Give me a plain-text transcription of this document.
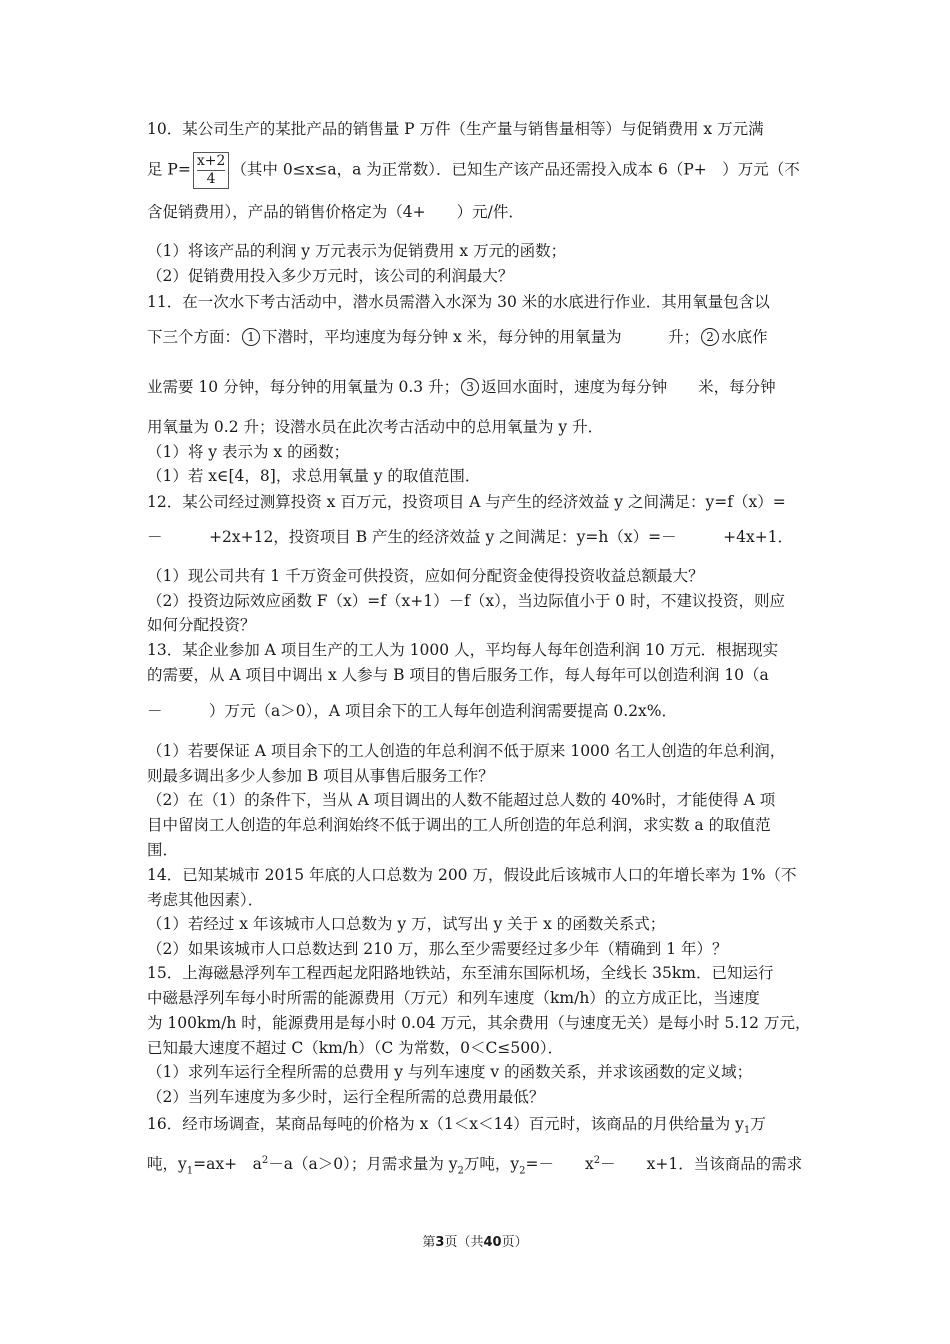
10．某公司生产的某批产品的销售量 P 万件（生产量与销售量相等）与促销费用 x 万元满
足 $P= \frac{x+2}{4}$ （其中 0≤x≤a，a 为正常数）．已知生产该产品还需投入成本 6（P+　）万元（不
含促销费用），产品的销售价格定为（4+　　）元/件．
（1）将该产品的利润 y 万元表示为促销费用 x 万元的函数；
（2）促销费用投入多少万元时，该公司的利润最大？
11．在一次水下考古活动中，潜水员需潜入水深为 30 米的水底进行作业．其用氧量包含以
下三个方面： 1 下潜时，平均速度为每分钟 x 米，每分钟的用氧量为　　　升； 2 水底作
业需要 10 分钟，每分钟的用氧量为 0.3 升； 3 返回水面时，速度为每分钟　　米，每分钟
用氧量为 0.2 升；设潜水员在此次考古活动中的总用氧量为 y 升．
（1）将 y 表示为 x 的函数；
（1）若 x∈[4，8]，求总用氧量 y 的取值范围．
12．某公司经过测算投资 x 百万元，投资项目 A 与产生的经济效益 y 之间满足：y=f（x）=
－　　　+2x+12，投资项目 B 产生的经济效益 y 之间满足：y=h（x）=－　　　+4x+1．
（1）现公司共有 1 千万资金可供投资，应如何分配资金使得投资收益总额最大？
（2）投资边际效应函数 F（x）=f（x+1）－f（x），当边际值小于 0 时，不建议投资，则应
如何分配投资？
13．某企业参加 A 项目生产的工人为 1000 人，平均每人每年创造利润 10 万元．根据现实
的需要，从 A 项目中调出 x 人参与 B 项目的售后服务工作，每人每年可以创造利润 10（a
－　　　）万元（a＞0），A 项目余下的工人每年创造利润需要提高 0.2x%．
（1）若要保证 A 项目余下的工人创造的年总利润不低于原来 1000 名工人创造的年总利润，
则最多调出多少人参加 B 项目从事售后服务工作？
（2）在（1）的条件下，当从 A 项目调出的人数不能超过总人数的 40%时，才能使得 A 项
目中留岗工人创造的年总利润始终不低于调出的工人所创造的年总利润，求实数 a 的取值范
围．
14．已知某城市 2015 年底的人口总数为 200 万，假设此后该城市人口的年增长率为 1%（不
考虑其他因素）．
（1）若经过 x 年该城市人口总数为 y 万，试写出 y 关于 x 的函数关系式；
（2）如果该城市人口总数达到 210 万，那么至少需要经过多少年（精确到 1 年）？
15．上海磁悬浮列车工程西起龙阳路地铁站，东至浦东国际机场，全线长 35km．已知运行
中磁悬浮列车每小时所需的能源费用（万元）和列车速度（km/h）的立方成正比，当速度
为 100km/h 时，能源费用是每小时 0.04 万元，其余费用（与速度无关）是每小时 5.12 万元，
已知最大速度不超过 C（km/h）（C 为常数，0＜C≤500）．
（1）求列车运行全程所需的总费用 y 与列车速度 v 的函数关系，并求该函数的定义域；
（2）当列车速度为多少时，运行全程所需的总费用最低？
16．经市场调查，某商品每吨的价格为 x（1＜x＜14）百元时，该商品的月供给量为 $y_1$万
吨，$y_1=ax+$　$a^2-a(a>0)$；月需求量为 $y_2$万吨，$y_2=-$　　$x^2-$　　x+1．当该商品的需求
第3页（共40页）
